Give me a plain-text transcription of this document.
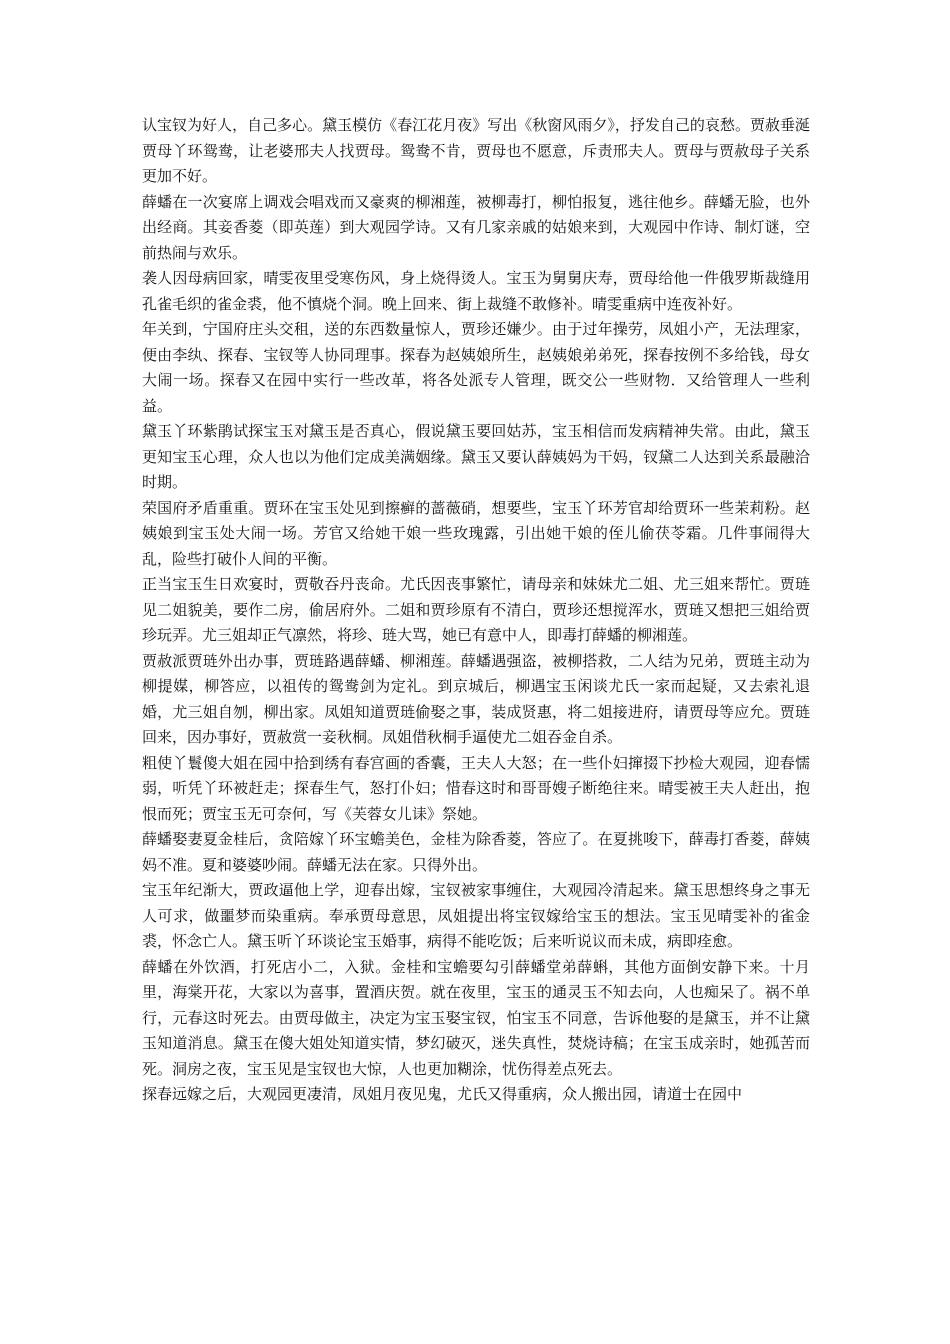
认宝钗为好人，自己多心。黛玉模仿《春江花月夜》写出《秋窗风雨夕》，抒发自己的哀愁。贾赦垂涎贾母丫环鸳鸯，让老婆邢夫人找贾母。鸳鸯不肯，贾母也不愿意，斥责邢夫人。贾母与贾赦母子关系更加不好。

薛蟠在一次宴席上调戏会唱戏而又豪爽的柳湘莲，被柳毒打，柳怕报复，逃往他乡。薛蟠无脸，也外出经商。其妾香菱（即英莲）到大观园学诗。又有几家亲戚的姑娘来到，大观园中作诗、制灯谜，空前热闹与欢乐。

袭人因母病回家，晴雯夜里受寒伤风，身上烧得烫人。宝玉为舅舅庆寿，贾母给他一件俄罗斯裁缝用孔雀毛织的雀金裘，他不慎烧个洞。晚上回来、街上裁缝不敢修补。晴雯重病中连夜补好。

年关到，宁国府庄头交租，送的东西数量惊人，贾珍还嫌少。由于过年操劳，凤姐小产，无法理家，便由李纨、探春、宝钗等人协同理事。探春为赵姨娘所生，赵姨娘弟弟死，探春按例不多给钱，母女大闹一场。探春又在园中实行一些改革，将各处派专人管理，既交公一些财物．又给管理人一些利益。

黛玉丫环紫鹃试探宝玉对黛玉是否真心，假说黛玉要回姑苏，宝玉相信而发病精神失常。由此，黛玉更知宝玉心理，众人也以为他们定成美满姻缘。黛玉又要认薛姨妈为干妈，钗黛二人达到关系最融洽时期。

荣国府矛盾重重。贾环在宝玉处见到擦癣的蔷薇硝，想要些，宝玉丫环芳官却给贾环一些茉莉粉。赵姨娘到宝玉处大闹一场。芳官又给她干娘一些玫瑰露，引出她干娘的侄儿偷茯苓霜。几件事闹得大乱，险些打破仆人间的平衡。

正当宝玉生日欢宴时，贾敬吞丹丧命。尤氏因丧事繁忙，请母亲和妹妹尤二姐、尤三姐来帮忙。贾琏见二姐貌美，要作二房，偷居府外。二姐和贾珍原有不清白，贾珍还想搅浑水，贾琏又想把三姐给贾珍玩弄。尤三姐却正气凛然，将珍、琏大骂，她已有意中人，即毒打薛蟠的柳湘莲。

贾赦派贾琏外出办事，贾琏路遇薛蟠、柳湘莲。薛蟠遇强盗，被柳搭救，二人结为兄弟，贾琏主动为柳提媒，柳答应，以祖传的鸳鸯剑为定礼。到京城后，柳遇宝玉闲谈尤氏一家而起疑，又去索礼退婚，尤三姐自刎，柳出家。凤姐知道贾琏偷娶之事，装成贤惠，将二姐接进府，请贾母等应允。贾琏回来，因办事好，贾赦赏一妾秋桐。凤姐借秋桐手逼使尤二姐吞金自杀。

粗使丫鬟傻大姐在园中拾到绣有春宫画的香囊，王夫人大怒；在一些仆妇撺掇下抄检大观园，迎春懦弱，听凭丫环被赶走；探春生气，怒打仆妇；惜春这时和哥哥嫂子断绝往来。晴雯被王夫人赶出，抱恨而死；贾宝玉无可奈何，写《芙蓉女儿诔》祭她。

薛蟠娶妻夏金桂后，贪陪嫁丫环宝蟾美色，金桂为除香菱，答应了。在夏挑唆下，薛毒打香菱，薛姨妈不准。夏和婆婆吵闹。薛蟠无法在家。只得外出。

宝玉年纪渐大，贾政逼他上学，迎春出嫁，宝钗被家事缠住，大观园冷清起来。黛玉思想终身之事无人可求，做噩梦而染重病。奉承贾母意思，凤姐提出将宝钗嫁给宝玉的想法。宝玉见晴雯补的雀金裘，怀念亡人。黛玉听丫环谈论宝玉婚事，病得不能吃饭；后来听说议而未成，病即痊愈。

薛蟠在外饮酒，打死店小二，入狱。金桂和宝蟾要勾引薛蟠堂弟薛蝌，其他方面倒安静下来。十月里，海棠开花，大家以为喜事，置酒庆贺。就在夜里，宝玉的通灵玉不知去向，人也痴呆了。祸不单行，元春这时死去。由贾母做主，决定为宝玉娶宝钗，怕宝玉不同意，告诉他娶的是黛玉，并不让黛玉知道消息。黛玉在傻大姐处知道实情，梦幻破灭，迷失真性，焚烧诗稿；在宝玉成亲时，她孤苦而死。洞房之夜，宝玉见是宝钗也大惊，人也更加糊涂，忧伤得差点死去。

探春远嫁之后，大观园更凄清，凤姐月夜见鬼，尤氏又得重病，众人搬出园，请道士在园中
